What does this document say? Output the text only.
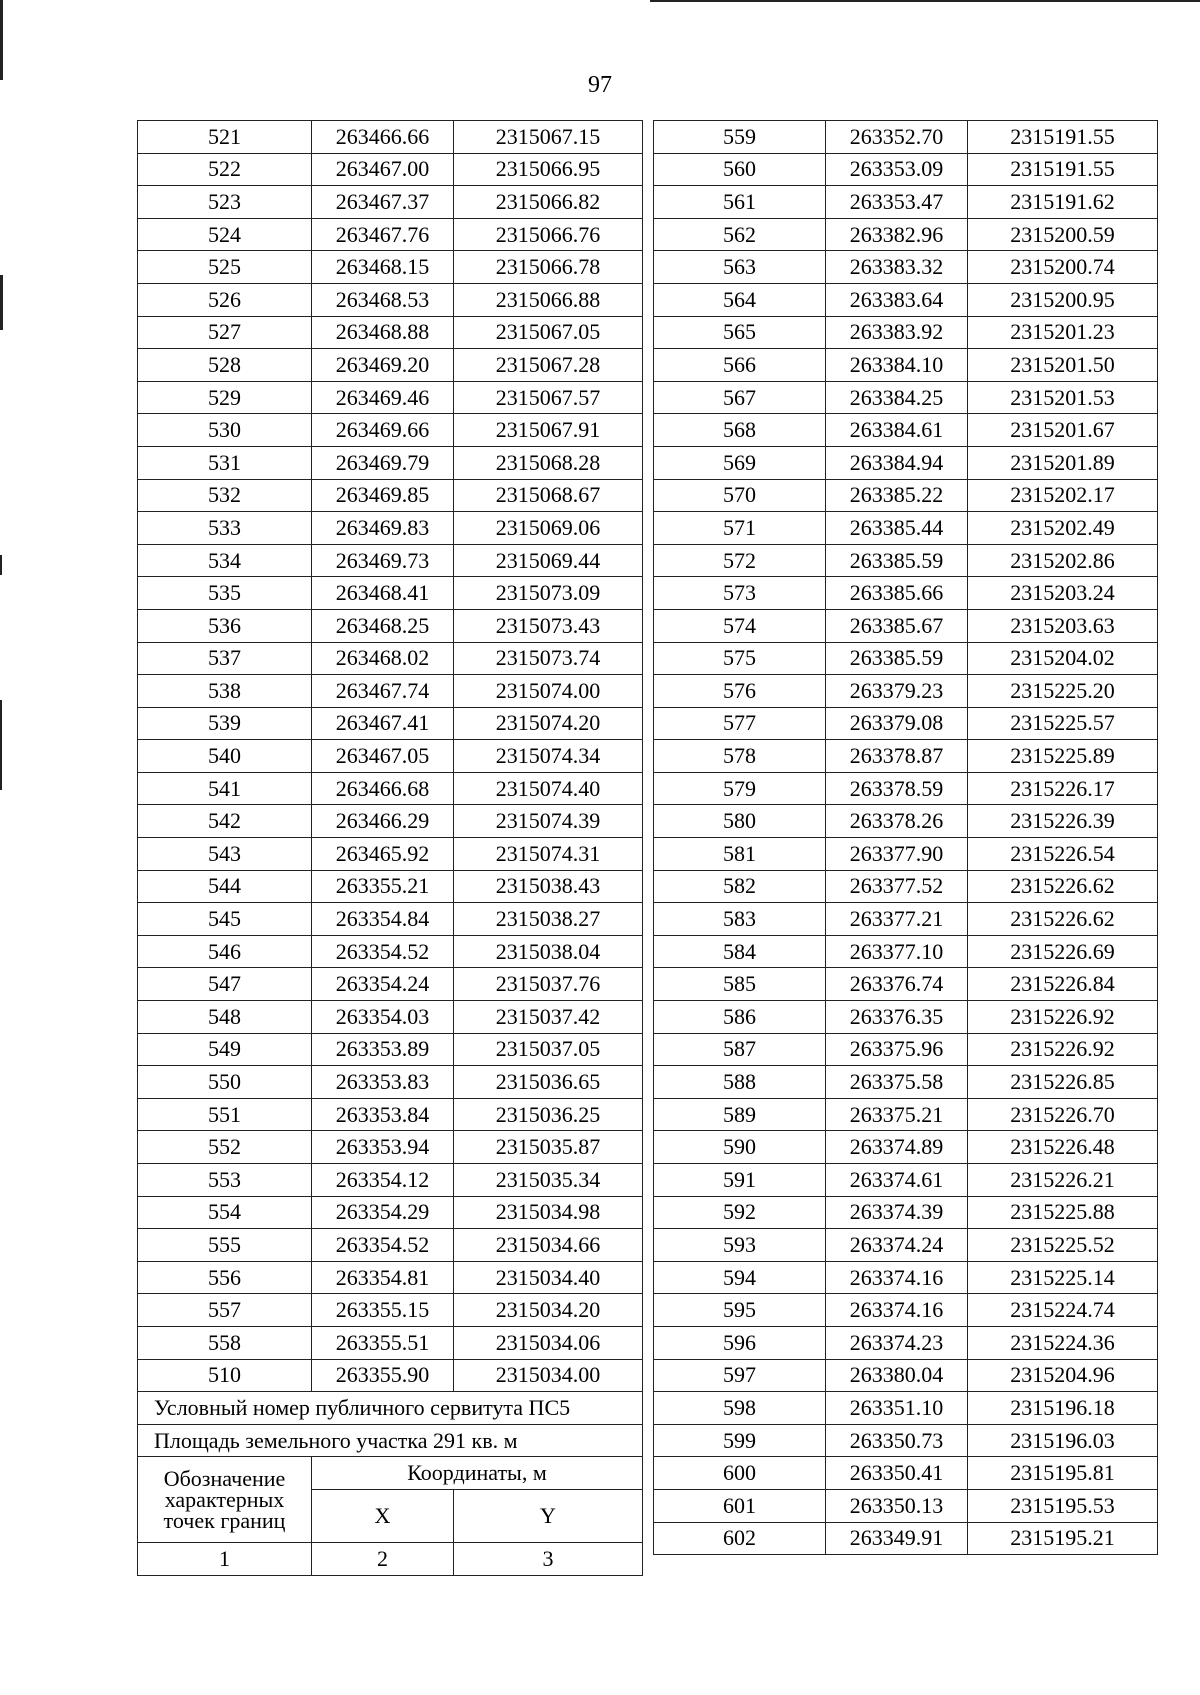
97
521	263466.66	2315067.15
522	263467.00	2315066.95
523	263467.37	2315066.82
524	263467.76	2315066.76
525	263468.15	2315066.78
526	263468.53	2315066.88
527	263468.88	2315067.05
528	263469.20	2315067.28
529	263469.46	2315067.57
530	263469.66	2315067.91
531	263469.79	2315068.28
532	263469.85	2315068.67
533	263469.83	2315069.06
534	263469.73	2315069.44
535	263468.41	2315073.09
536	263468.25	2315073.43
537	263468.02	2315073.74
538	263467.74	2315074.00
539	263467.41	2315074.20
540	263467.05	2315074.34
541	263466.68	2315074.40
542	263466.29	2315074.39
543	263465.92	2315074.31
544	263355.21	2315038.43
545	263354.84	2315038.27
546	263354.52	2315038.04
547	263354.24	2315037.76
548	263354.03	2315037.42
549	263353.89	2315037.05
550	263353.83	2315036.65
551	263353.84	2315036.25
552	263353.94	2315035.87
553	263354.12	2315035.34
554	263354.29	2315034.98
555	263354.52	2315034.66
556	263354.81	2315034.40
557	263355.15	2315034.20
558	263355.51	2315034.06
510	263355.90	2315034.00
Условный номер публичного сервитута ПС5		
Площадь земельного участка 291 кв. м		
Обозначение характерных точек границ	Координаты, м	
	X	Y
1	2	3
559	263352.70	2315191.55
560	263353.09	2315191.55
561	263353.47	2315191.62
562	263382.96	2315200.59
563	263383.32	2315200.74
564	263383.64	2315200.95
565	263383.92	2315201.23
566	263384.10	2315201.50
567	263384.25	2315201.53
568	263384.61	2315201.67
569	263384.94	2315201.89
570	263385.22	2315202.17
571	263385.44	2315202.49
572	263385.59	2315202.86
573	263385.66	2315203.24
574	263385.67	2315203.63
575	263385.59	2315204.02
576	263379.23	2315225.20
577	263379.08	2315225.57
578	263378.87	2315225.89
579	263378.59	2315226.17
580	263378.26	2315226.39
581	263377.90	2315226.54
582	263377.52	2315226.62
583	263377.21	2315226.62
584	263377.10	2315226.69
585	263376.74	2315226.84
586	263376.35	2315226.92
587	263375.96	2315226.92
588	263375.58	2315226.85
589	263375.21	2315226.70
590	263374.89	2315226.48
591	263374.61	2315226.21
592	263374.39	2315225.88
593	263374.24	2315225.52
594	263374.16	2315225.14
595	263374.16	2315224.74
596	263374.23	2315224.36
597	263380.04	2315204.96
598	263351.10	2315196.18
599	263350.73	2315196.03
600	263350.41	2315195.81
601	263350.13	2315195.53
602	263349.91	2315195.21
